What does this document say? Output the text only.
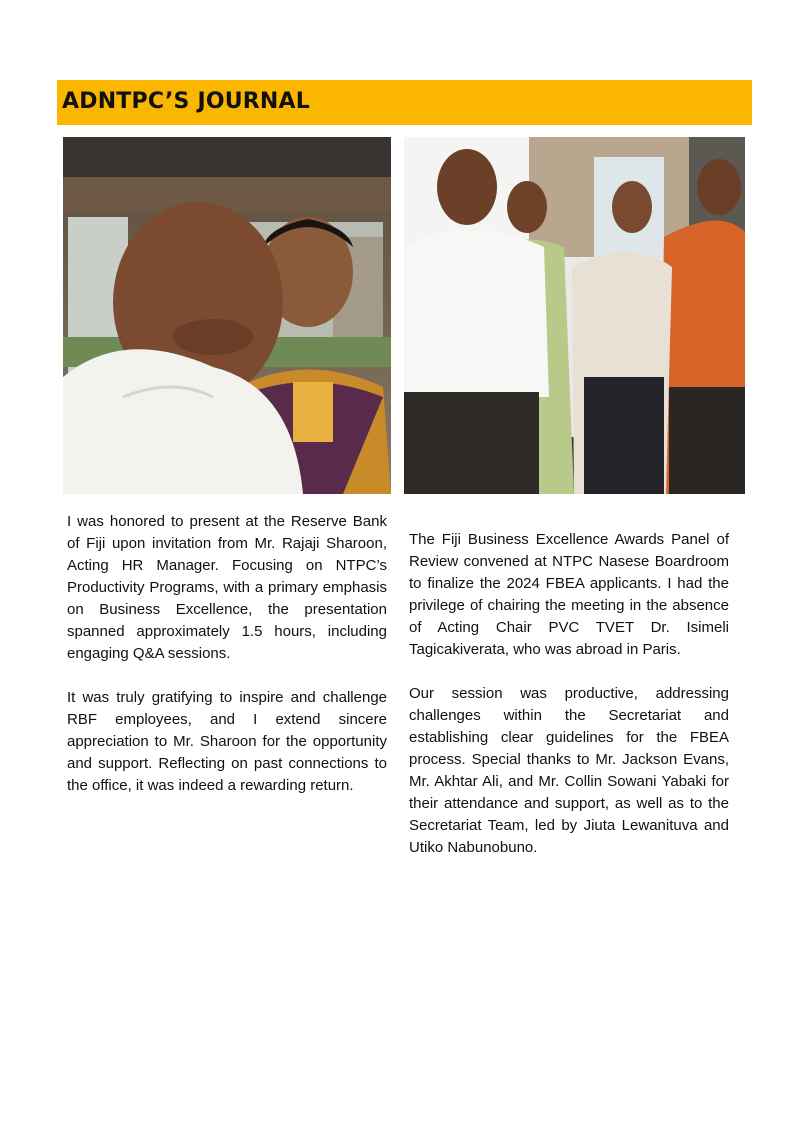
ADNTPC’S JOURNAL

I was honored to present at the Reserve Bank of Fiji upon invitation from Mr. Rajaji Sharoon, Acting HR Manager. Focusing on NTPC’s Productivity Programs, with a primary emphasis on Business Excellence, the presentation spanned approximately 1.5 hours, including engaging Q&A sessions.

It was truly gratifying to inspire and challenge RBF employees, and I extend sincere appreciation to Mr. Sharoon for the opportunity and support. Reflecting on past connections to the office, it was indeed a rewarding return.

The Fiji Business Excellence Awards Panel of Review convened at NTPC Nasese Boardroom to finalize the 2024 FBEA applicants. I had the privilege of chairing the meeting in the absence of Acting Chair PVC TVET Dr. Isimeli Tagicakiverata, who was abroad in Paris.

Our session was productive, addressing challenges within the Secretariat and establishing clear guidelines for the FBEA process. Special thanks to Mr. Jackson Evans, Mr. Akhtar Ali, and Mr. Collin Sowani Yabaki for their attendance and support, as well as to the Secretariat Team, led by Jiuta Lewanituva and Utiko Nabunobuno.
